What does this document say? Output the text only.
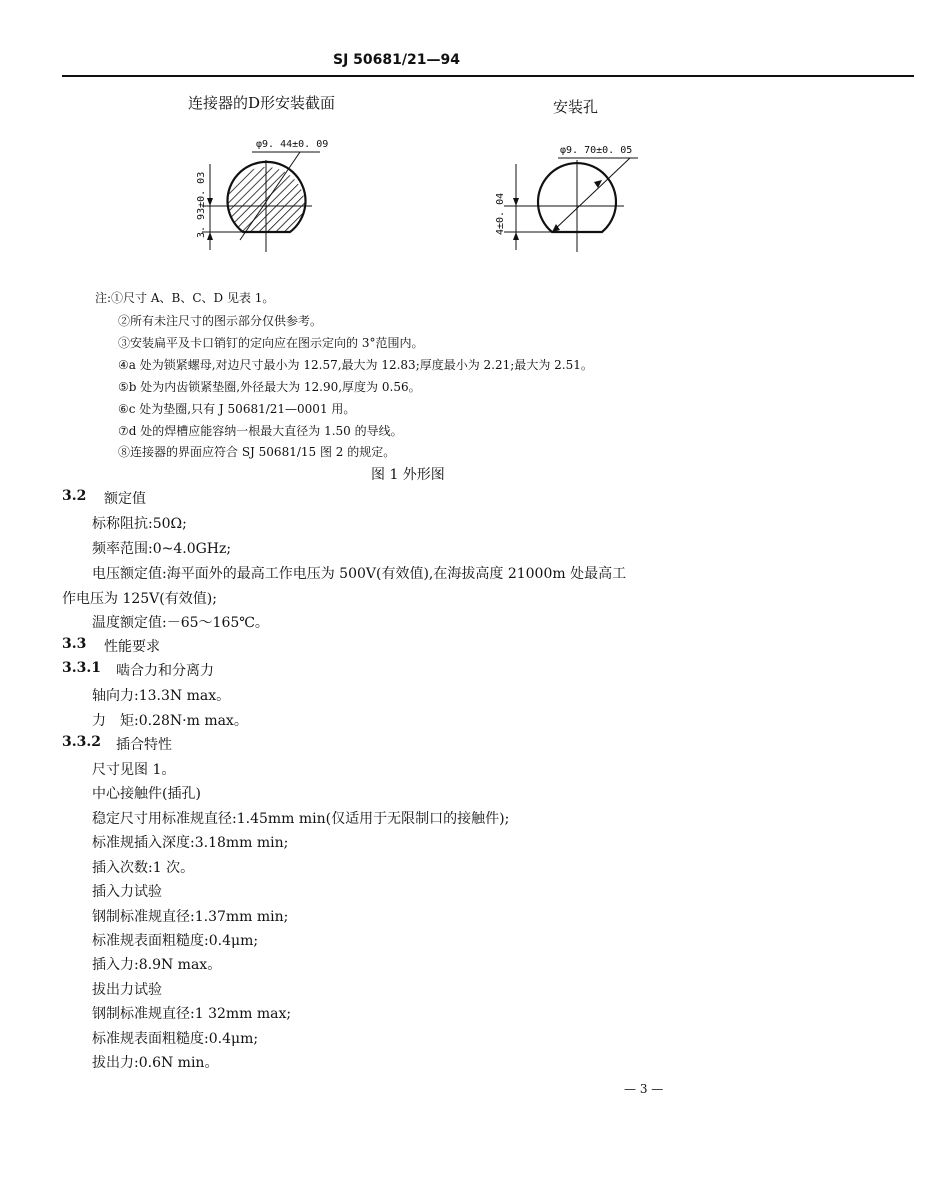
SJ 50681/21—94
连接器的D形安装截面	安装孔
φ9. 44±0. 09
3. 93±0. 03
φ9. 70±0. 05
4±0. 04
注:①尺寸 A、B、C、D 见表 1。
②所有未注尺寸的图示部分仅供参考。
③安装扁平及卡口销钉的定向应在图示定向的 3°范围内。
④a 处为锁紧螺母,对边尺寸最小为 12.57,最大为 12.83;厚度最小为 2.21;最大为 2.51。
⑤b 处为内齿锁紧垫圈,外径最大为 12.90,厚度为 0.56。
⑥c 处为垫圈,只有 J 50681/21—0001 用。
⑦d 处的焊槽应能容纳一根最大直径为 1.50 的导线。
⑧连接器的界面应符合 SJ 50681/15 图 2 的规定。
图 1 外形图
3.2 额定值
标称阻抗:50Ω;
频率范围:0~4.0GHz;
电压额定值:海平面外的最高工作电压为 500V(有效值),在海拔高度 21000m 处最高工
作电压为 125V(有效值);
温度额定值:－65～165℃。
3.3 性能要求
3.3.1 啮合力和分离力
轴向力:13.3N max。
力　矩:0.28N·m max。
3.3.2 插合特性
尺寸见图 1。
中心接触件(插孔)
稳定尺寸用标准规直径:1.45mm min(仅适用于无限制口的接触件);
标准规插入深度:3.18mm min;
插入次数:1 次。
插入力试验
钢制标准规直径:1.37mm min;
标准规表面粗糙度:0.4μm;
插入力:8.9N max。
拔出力试验
钢制标准规直径:1 32mm max;
标准规表面粗糙度:0.4μm;
拔出力:0.6N min。
— 3 —
